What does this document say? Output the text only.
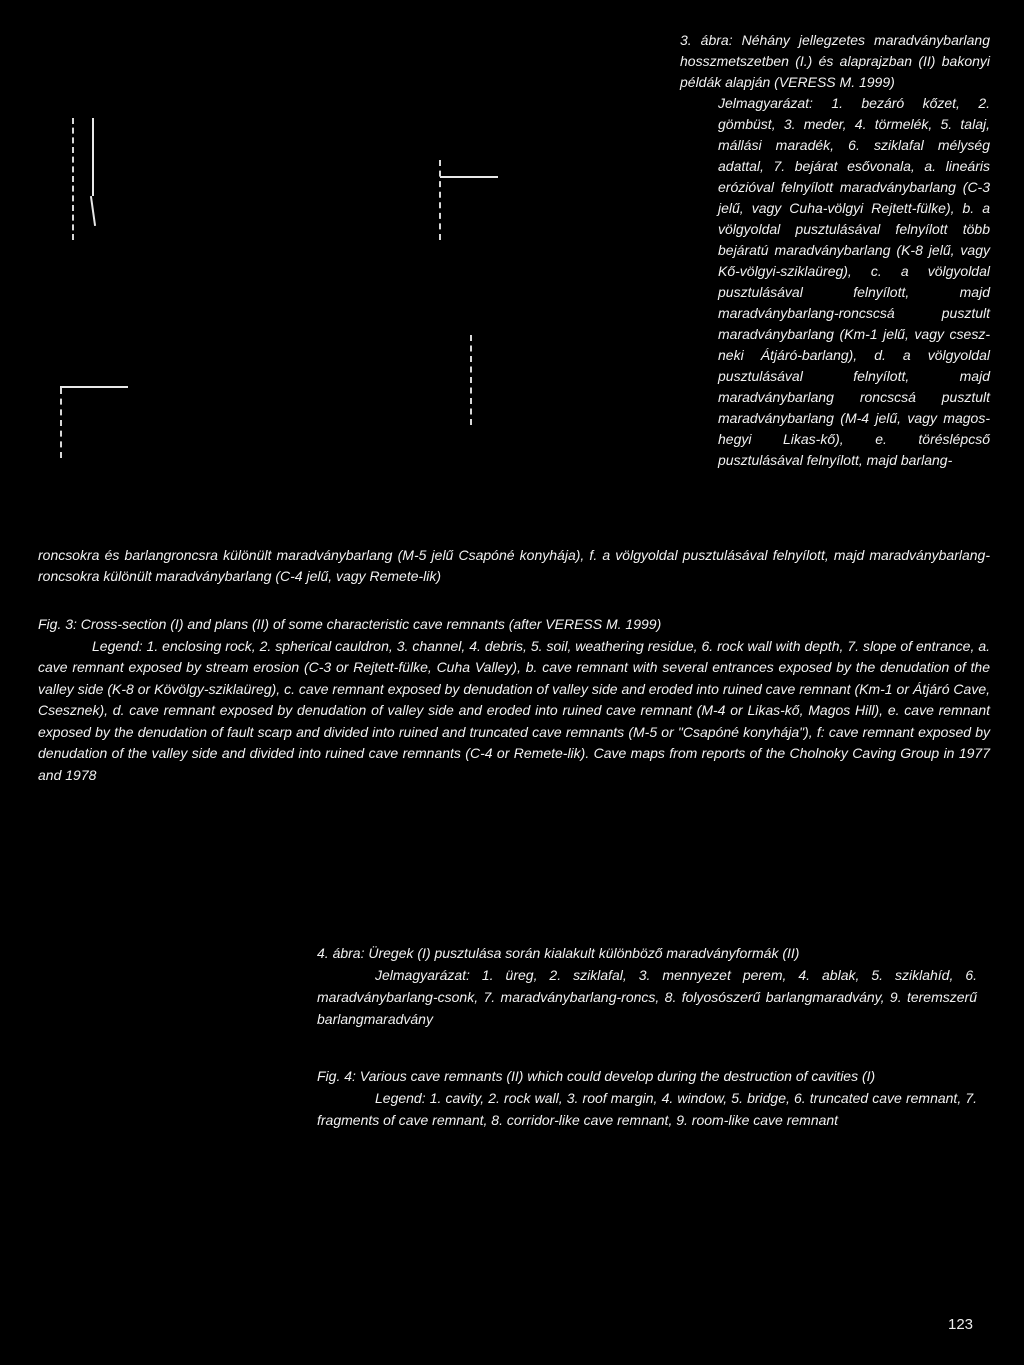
3. ábra: Néhány jellegzetes maradványbarlang hosszmetszetben (I.) és alaprajzban (II) bakonyi példák alapján (VERESS M. 1999)
Jelmagyarázat: 1. bezáró kőzet, 2. gömbüst, 3. meder, 4. törmelék, 5. talaj, mállási maradék, 6. sziklafal mélység adattal, 7. bejárat esővonala, a. lineáris erózióval felnyílott maradványbarlang (C-3 jelű, vagy Cuha-völgyi Rejtett-fülke), b. a völgyoldal pusztulásával felnyílott több bejáratú maradványbarlang (K-8 jelű, vagy Kő-völgyi-sziklaüreg), c. a völgyoldal pusztulásával felnyílott, majd maradványbarlang-roncscsá pusztult maradványbarlang (Km-1 jelű, vagy csesz-neki Átjáró-barlang), d. a völgyoldal pusztulásával felnyílott, majd maradványbarlang roncscsá pusztult maradványbarlang (M-4 jelű, vagy magos-hegyi Likas-kő), e. töréslépcső pusztulásával felnyílott, majd barlang-
roncsokra és barlangroncsra különült maradványbarlang (M-5 jelű Csapóné konyhája), f. a völgyoldal pusztulásával felnyílott, majd maradványbarlang- roncsokra különült maradványbarlang (C-4 jelű, vagy Remete-lik)
Fig. 3: Cross-section (I) and plans (II) of some characteristic cave remnants (after VERESS M. 1999)
Legend: 1. enclosing rock, 2. spherical cauldron, 3. channel, 4. debris, 5. soil, weathering residue, 6. rock wall with depth, 7. slope of entrance, a. cave remnant exposed by stream erosion (C-3 or Rejtett-fülke, Cuha Valley), b. cave remnant with several entrances exposed by the denudation of the valley side (K-8 or Kövölgy-sziklaüreg), c. cave remnant exposed by denudation of valley side and eroded into ruined cave remnant (Km-1 or Átjáró Cave, Csesznek), d. cave remnant exposed by denudation of valley side and eroded into ruined cave remnant (M-4 or Likas-kő, Magos Hill), e. cave remnant exposed by the denudation of fault scarp and divided into ruined and truncated cave remnants (M-5 or "Csapóné konyhája"), f: cave remnant exposed by denudation of the valley side and divided into ruined cave remnants (C-4 or Remete-lik). Cave maps from reports of the Cholnoky Caving Group in 1977 and 1978
4. ábra: Üregek (I) pusztulása során kialakult különböző maradványformák (II)
Jelmagyarázat: 1. üreg, 2. sziklafal, 3. mennyezet perem, 4. ablak, 5. sziklahíd, 6. maradványbarlang-csonk, 7. maradványbarlang-roncs, 8. folyosószerű barlangmaradvány, 9. teremszerű barlangmaradvány
Fig. 4: Various cave remnants (II) which could develop during the destruction of cavities (I)
Legend: 1. cavity, 2. rock wall, 3. roof margin, 4. window, 5. bridge, 6. truncated cave remnant, 7. fragments of cave remnant, 8. corridor-like cave remnant, 9. room-like cave remnant
123
